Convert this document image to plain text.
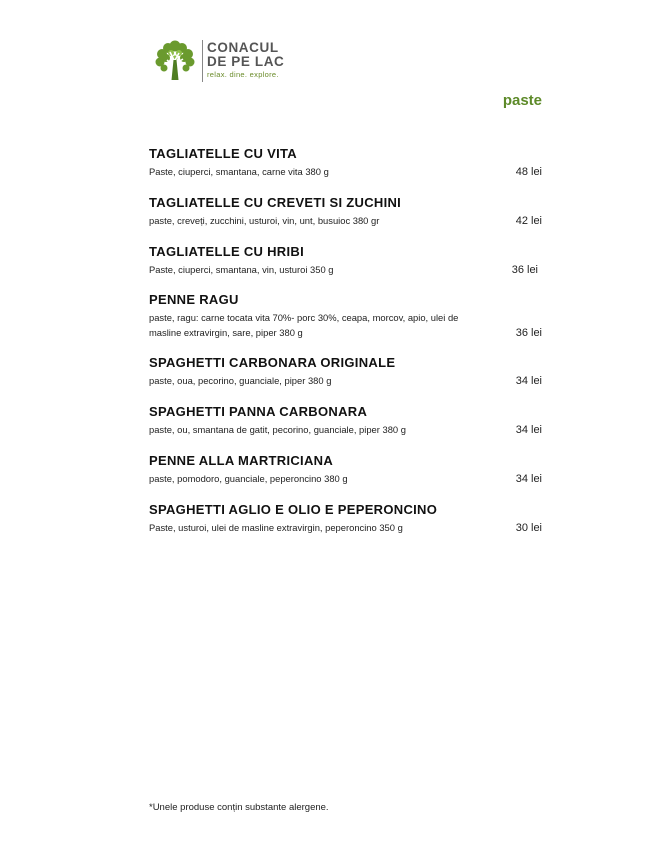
CONACUL
DE PE LAC
relax. dine. explore.
paste
TAGLIATELLE CU VITA
Paste, ciuperci, smantana, carne vita 380 g	48 lei
TAGLIATELLE CU CREVETI SI ZUCHINI
paste, creveți, zucchini, usturoi, vin, unt, busuioc 380 gr	42 lei
TAGLIATELLE CU HRIBI
Paste, ciuperci, smantana, vin, usturoi 350 g	36 lei
PENNE RAGU
paste, ragu: carne tocata vita 70%- porc 30%, ceapa, morcov, apio, ulei de masline extravirgin, sare, piper 380 g	36 lei
SPAGHETTI CARBONARA ORIGINALE
paste, oua, pecorino, guanciale, piper 380 g	34 lei
SPAGHETTI PANNA CARBONARA
paste, ou, smantana de gatit, pecorino, guanciale, piper 380 g	34 lei
PENNE ALLA MARTRICIANA
paste, pomodoro, guanciale, peperoncino 380 g	34 lei
SPAGHETTI AGLIO E OLIO E PEPERONCINO
Paste, usturoi, ulei de masline extravirgin, peperoncino 350 g	30 lei
*Unele produse conțin substante alergene.
